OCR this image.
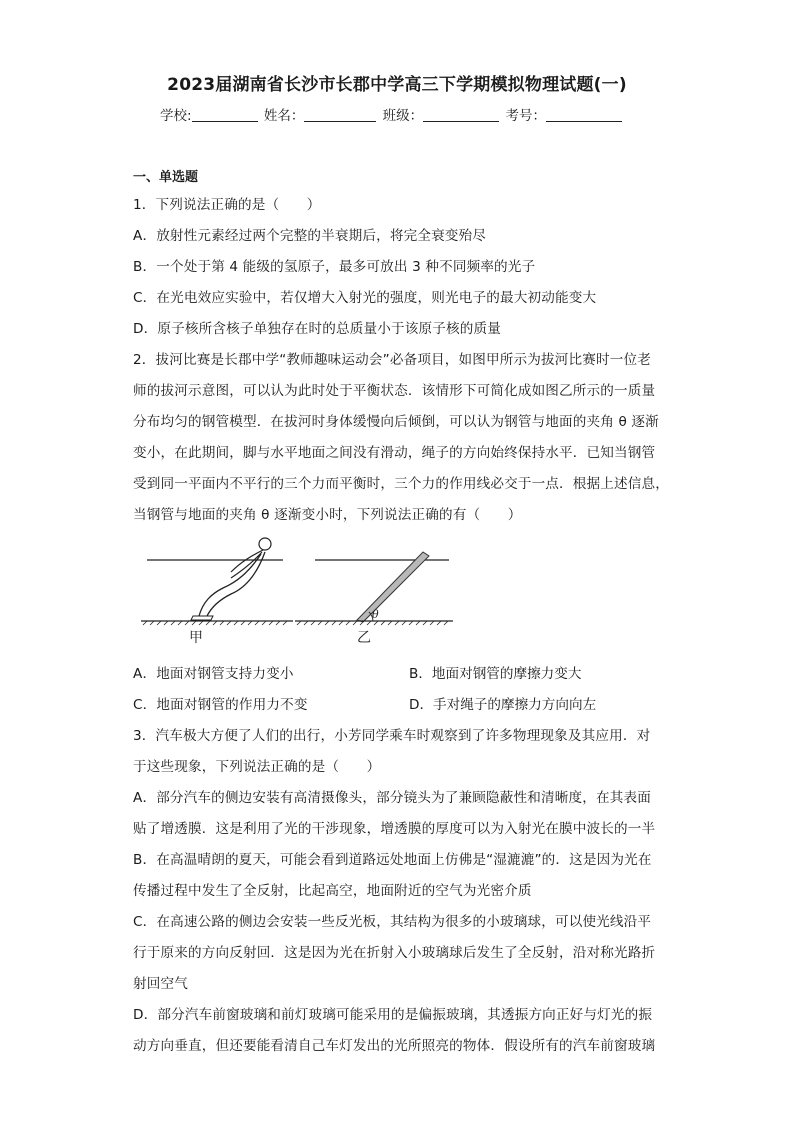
2023届湖南省长沙市长郡中学高三下学期模拟物理试题(一)
学校:	姓名：	班级：	考号：
一、单选题
1．下列说法正确的是（　　）
A．放射性元素经过两个完整的半衰期后，将完全衰变殆尽
B．一个处于第 4 能级的氢原子，最多可放出 3 种不同频率的光子
C．在光电效应实验中，若仅增大入射光的强度，则光电子的最大初动能变大
D．原子核所含核子单独存在时的总质量小于该原子核的质量
2．拔河比赛是长郡中学“教师趣味运动会”必备项目，如图甲所示为拔河比赛时一位老
师的拔河示意图，可以认为此时处于平衡状态．该情形下可简化成如图乙所示的一质量
分布均匀的钢管模型．在拔河时身体缓慢向后倾倒，可以认为钢管与地面的夹角 θ 逐渐
变小，在此期间，脚与水平地面之间没有滑动，绳子的方向始终保持水平．已知当钢管
受到同一平面内不平行的三个力而平衡时，三个力的作用线必交于一点．根据上述信息，
当钢管与地面的夹角 θ 逐渐变小时，下列说法正确的有（　　）
甲
θ
乙
A．地面对钢管支持力变小	B．地面对钢管的摩擦力变大
C．地面对钢管的作用力不变	D．手对绳子的摩擦力方向向左
3．汽车极大方便了人们的出行，小芳同学乘车时观察到了许多物理现象及其应用．对
于这些现象，下列说法正确的是（　　）
A．部分汽车的侧边安装有高清摄像头，部分镜头为了兼顾隐蔽性和清晰度，在其表面
贴了增透膜．这是利用了光的干涉现象，增透膜的厚度可以为入射光在膜中波长的一半
B．在高温晴朗的夏天，可能会看到道路远处地面上仿佛是“湿漉漉”的．这是因为光在
传播过程中发生了全反射，比起高空，地面附近的空气为光密介质
C．在高速公路的侧边会安装一些反光板，其结构为很多的小玻璃球，可以使光线沿平
行于原来的方向反射回．这是因为光在折射入小玻璃球后发生了全反射，沿对称光路折
射回空气
D．部分汽车前窗玻璃和前灯玻璃可能采用的是偏振玻璃，其透振方向正好与灯光的振
动方向垂直，但还要能看清自己车灯发出的光所照亮的物体．假设所有的汽车前窗玻璃
